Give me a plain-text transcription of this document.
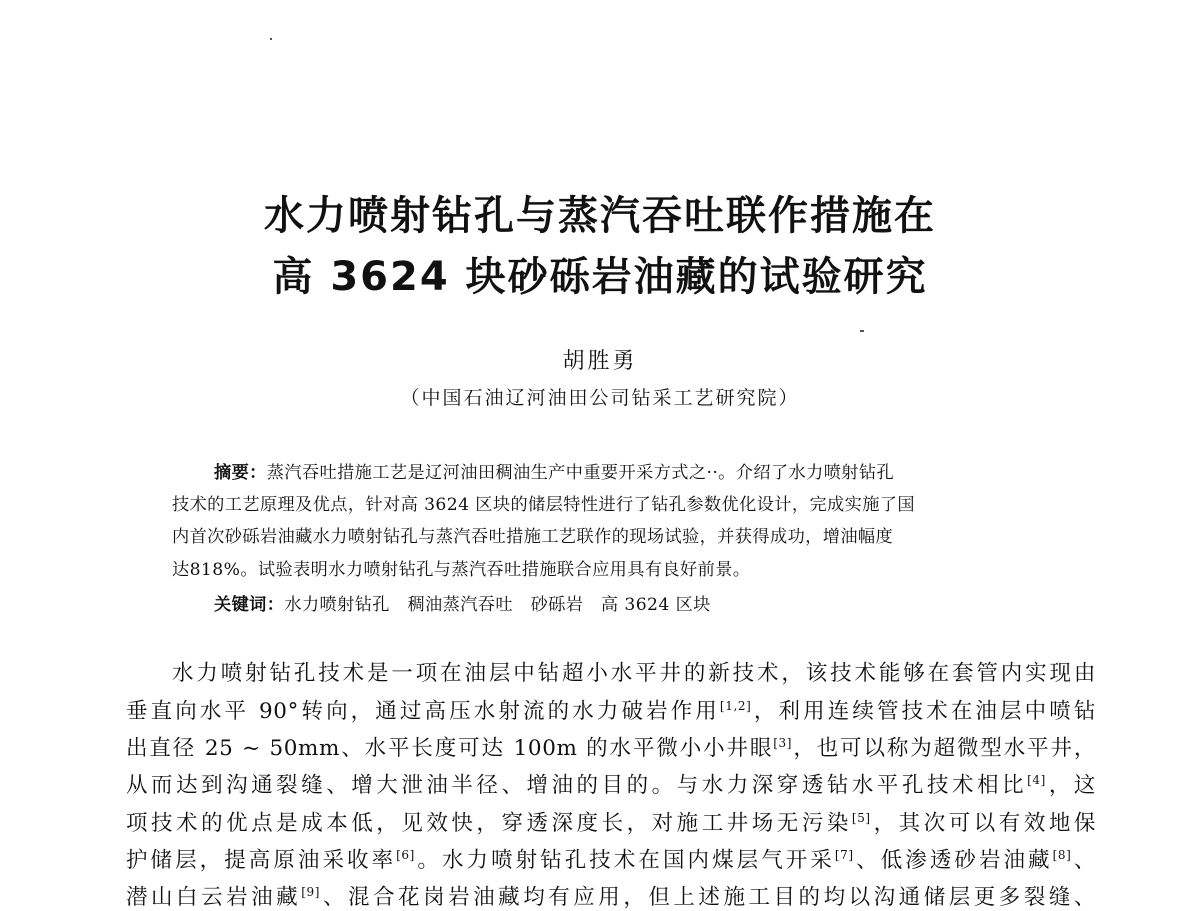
水力喷射钻孔与蒸汽吞吐联作措施在
高 3624 块砂砾岩油藏的试验研究
胡胜勇
（中国石油辽河油田公司钻采工艺研究院）
摘要：蒸汽吞吐措施工艺是辽河油田稠油生产中重要开采方式之··。介绍了水力喷射钻孔
技术的工艺原理及优点，针对高 3624 区块的储层特性进行了钻孔参数优化设计，完成实施了国
内首次砂砾岩油藏水力喷射钻孔与蒸汽吞吐措施工艺联作的现场试验，并获得成功，增油幅度
达818%。试验表明水力喷射钻孔与蒸汽吞吐措施联合应用具有良好前景。
关键词：水力喷射钻孔　稠油蒸汽吞吐　砂砾岩　高 3624 区块
水力喷射钻孔技术是一项在油层中钻超小水平井的新技术，该技术能够在套管内实现由
垂直向水平 90°转向，通过高压水射流的水力破岩作用[1,2]，利用连续管技术在油层中喷钻
出直径 25 ~ 50mm、水平长度可达 100m 的水平微小小井眼[3]，也可以称为超微型水平井，
从而达到沟通裂缝、增大泄油半径、增油的目的。与水力深穿透钻水平孔技术相比[4]，这
项技术的优点是成本低，见效快，穿透深度长，对施工井场无污染[5]，其次可以有效地保
护储层，提高原油采收率[6]。水力喷射钻孔技术在国内煤层气开采[7]、低渗透砂岩油藏[8]、
潜山白云岩油藏[9]、混合花岗岩油藏均有应用，但上述施工目的均以沟通储层更多裂缝、
